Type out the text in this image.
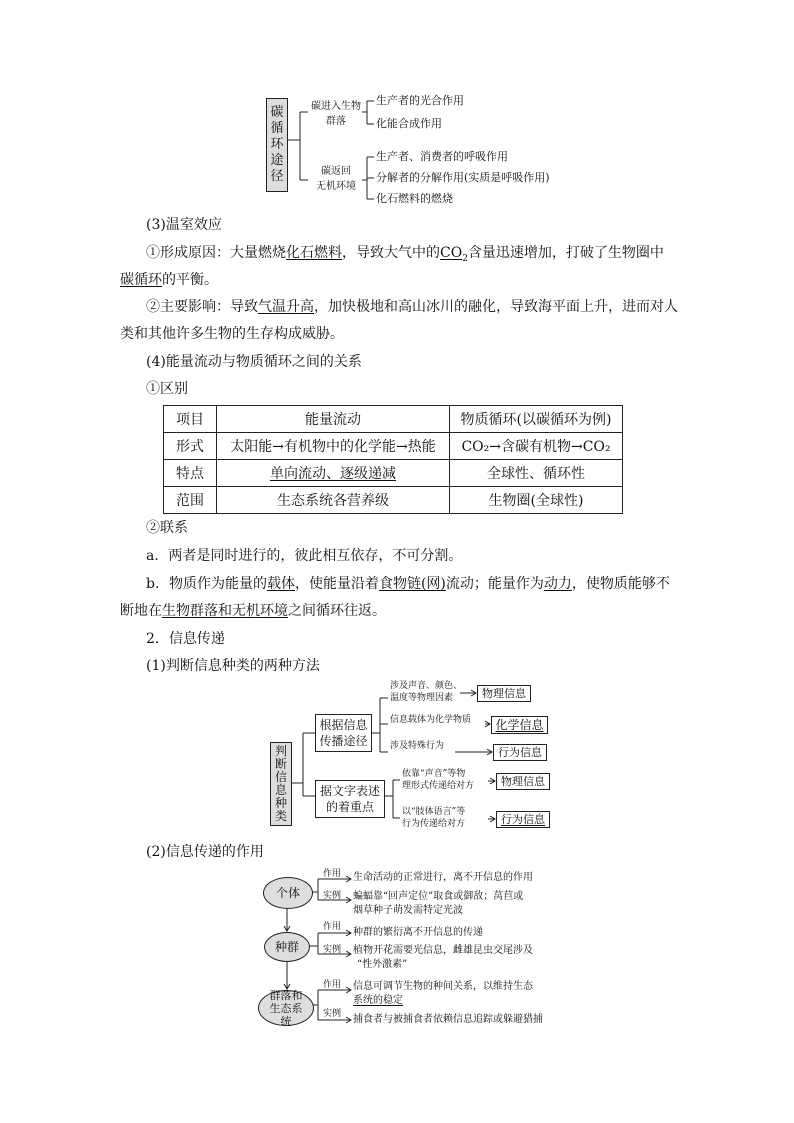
碳
循
环
途
径
碳进入生物
群落
碳返回
无机环境
生产者的光合作用
化能合成作用
生产者、消费者的呼吸作用
分解者的分解作用(实质是呼吸作用)
化石燃料的燃烧
(3)温室效应
①形成原因：大量燃烧化石燃料，导致大气中的$CO_2$含量迅速增加，打破了生物圈中
碳循环的平衡。
②主要影响：导致气温升高，加快极地和高山冰川的融化，导致海平面上升，进而对人
类和其他许多生物的生存构成威胁。
(4)能量流动与物质循环之间的关系
①区别
项目	能量流动	物质循环(以碳循环为例)
形式	太阳能→有机物中的化学能→热能	CO₂→含碳有机物→CO₂
特点	单向流动、逐级递减	全球性、循环性
范围	生态系统各营养级	生物圈(全球性)
②联系
a．两者是同时进行的，彼此相互依存，不可分割。
b．物质作为能量的载体，使能量沿着食物链(网)流动；能量作为动力，使物质能够不
断地在生物群落和无机环境之间循环往返。
2．信息传递
(1)判断信息种类的两种方法
判
断
信
息
种
类
根据信息
传播途径
据文字表述
的着重点
涉及声音、颜色、
温度等物理因素	物理信息
信息载体为化学物质	化学信息
涉及特殊行为	行为信息
依靠“声音”等物
理形式传递给对方	物理信息
以“肢体语言”等
行为传递给对方	行为信息
(2)信息传递的作用
个体
种群
群落和生态系统
作用
实例
生命活动的正常进行，离不开信息的作用
蝙蝠靠“回声定位”取食或御敌；莴苣或
烟草种子萌发需特定光波
作用
实例
种群的繁衍离不开信息的传递
植物开花需要光信息，雌雄昆虫交尾涉及
“性外激素”
作用
实例
信息可调节生物的种间关系，以维持生态
系统的稳定
捕食者与被捕食者依赖信息追踪或躲避猎捕
